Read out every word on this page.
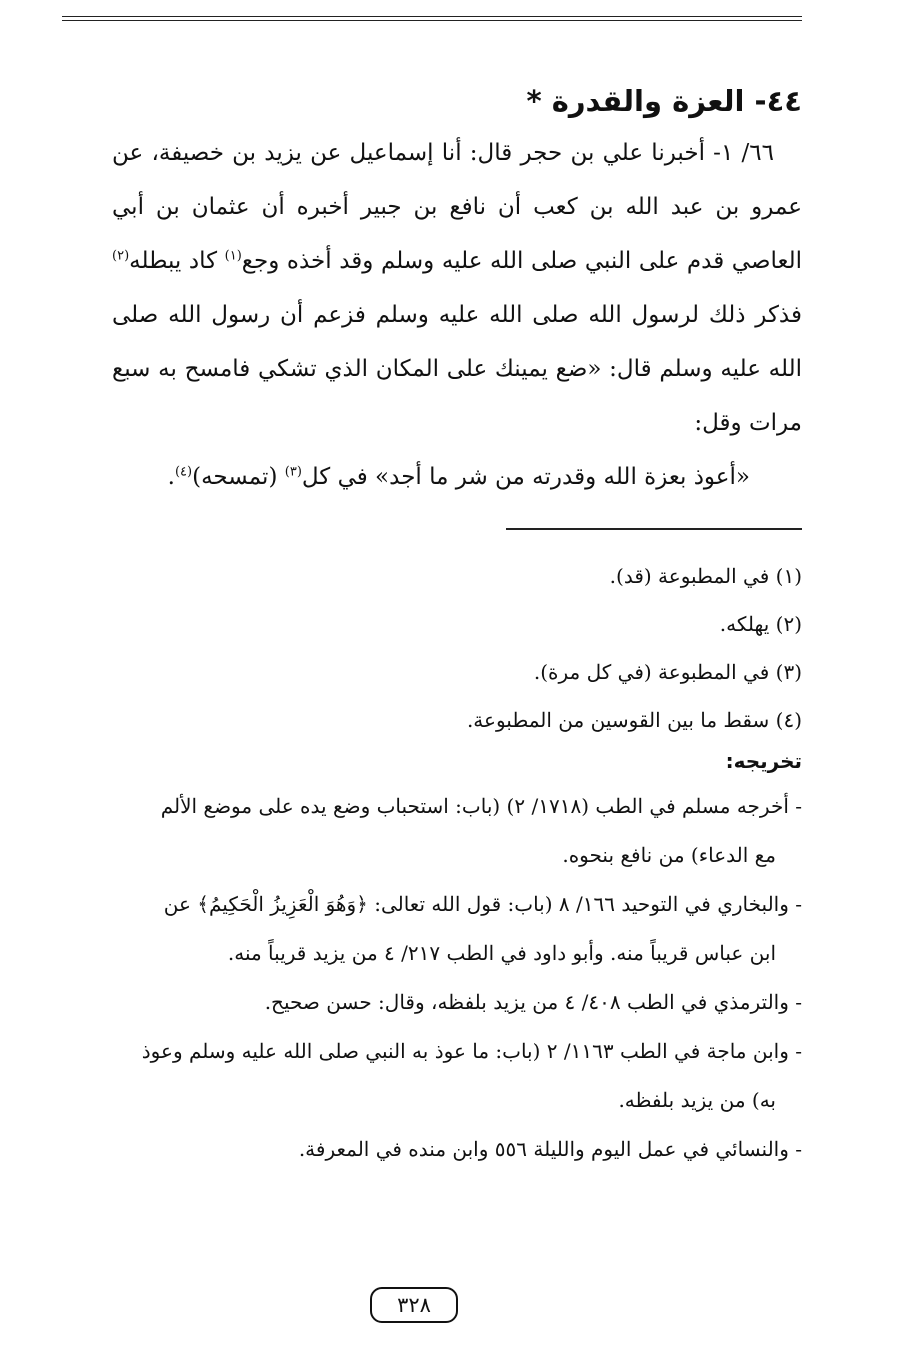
٤٤- العزة والقدرة *

٦٦/ ١- أخبرنا علي بن حجر قال: أنا إسماعيل عن يزيد بن خصيفة، عن عمرو بن عبد الله بن كعب أن نافع بن جبير أخبره أن عثمان بن أبي العاصي قدم على النبي صلى الله عليه وسلم وقد أخذه وجع$^{(١)}$ كاد يبطله$^{(٢)}$ فذكر ذلك لرسول الله صلى الله عليه وسلم فزعم أن رسول الله صلى الله عليه وسلم قال: «ضع يمينك على المكان الذي تشكي فامسح به سبع مرات وقل:

«أعوذ بعزة الله وقدرته من شر ما أجد» في كل$^{(٣)}$ (تمسحه)$^{(٤)}$.

(١) في المطبوعة (قد).

(٢) يهلكه.

(٣) في المطبوعة (في كل مرة).

(٤) سقط ما بين القوسين من المطبوعة.

تخريجه:

- أخرجه مسلم في الطب (١٧١٨/ ٢) (باب: استحباب وضع يده على موضع الألم

مع الدعاء) من نافع بنحوه.

- والبخاري في التوحيد ١٦٦/ ٨ (باب: قول الله تعالى: ﴿وَهُوَ الْعَزِيزُ الْحَكِيمُ﴾ عن

ابن عباس قريباً منه. وأبو داود في الطب ٢١٧/ ٤ من يزيد قريباً منه.

- والترمذي في الطب ٤٠٨/ ٤ من يزيد بلفظه، وقال: حسن صحيح.

- وابن ماجة في الطب ١١٦٣/ ٢ (باب: ما عوذ به النبي صلى الله عليه وسلم وعوذ

به) من يزيد بلفظه.

- والنسائي في عمل اليوم والليلة ٥٥٦ وابن منده في المعرفة.

٣٢٨
